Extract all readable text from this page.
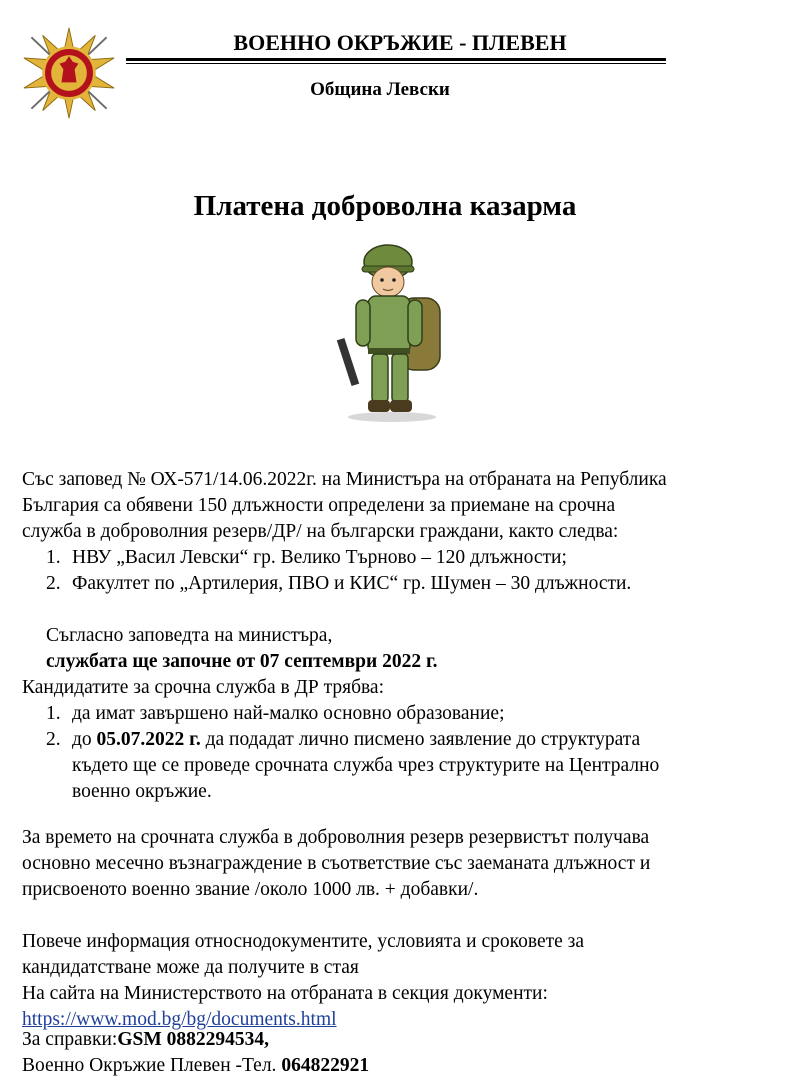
ВОЕННО ОКРЪЖИЕ - ПЛЕВЕН
Община Левски
Платена доброволна казарма
Със заповед № ОХ-571/14.06.2022г. на Министъра на отбраната на Република
България са обявени 150 длъжности определени за приемане на срочна
служба в доброволния резерв/ДР/ на български граждани, както следва:
1. НВУ „Васил Левски“ гр. Велико Търново – 120 длъжности;
2. Факултет по „Артилерия, ПВО и КИС“ гр. Шумен – 30 длъжности.
Съгласно заповедта на министъра,
службата ще започне от 07 септември 2022 г.
Кандидатите за срочна служба в ДР трябва:
1. да имат завършено най-малко основно образование;
2. до 05.07.2022 г. да подадат лично писмено заявление до структурата
където ще се проведе срочната служба чрез структурите на Централно
военно окръжие.
За времето на срочната служба в доброволния резерв резервистът получава
основно месечно възнаграждение в съответствие със заеманата длъжност и
присвоеното военно звание /около 1000 лв. + добавки/.
Повече информация относнодокументите, условията и сроковете за
кандидатстване може да получите в стая
На сайта на Министерството на отбраната в секция документи:
https://www.mod.bg/bg/documents.html
За справки:GSM 0882294534,
Военно Окръжие Плевен -Тел. 064822921
